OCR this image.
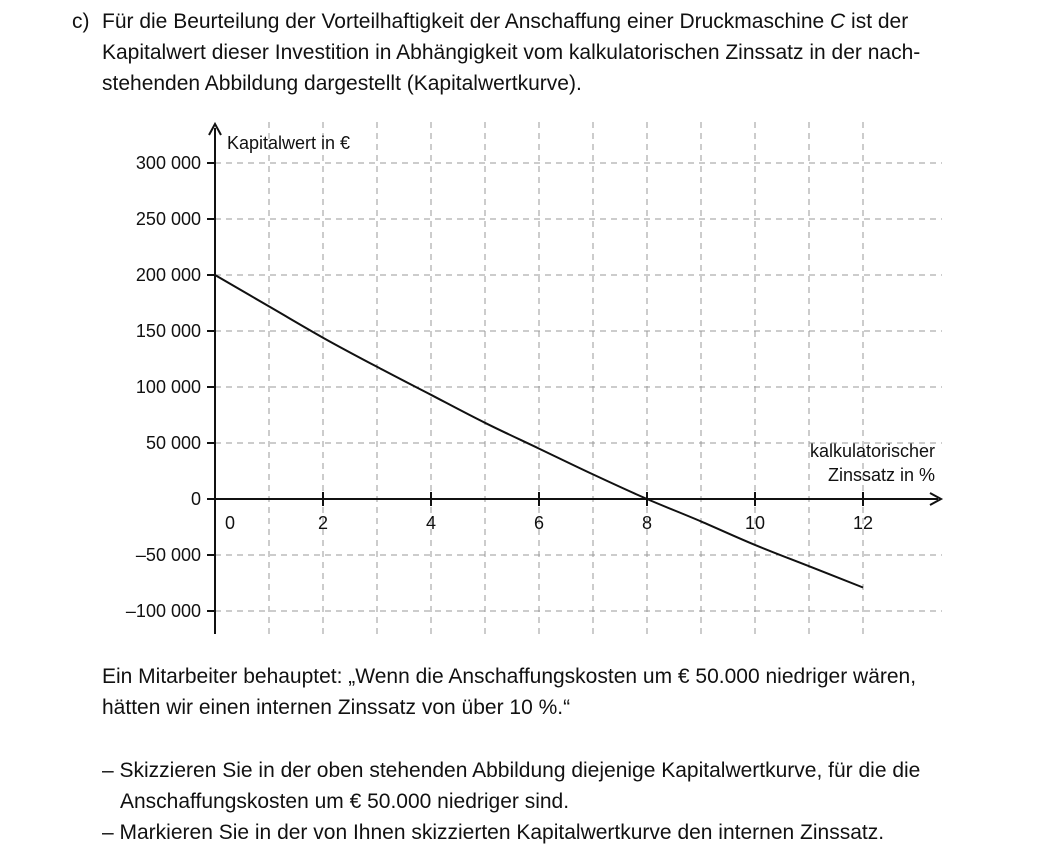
c) Für die Beurteilung der Vorteilhaftigkeit der Anschaffung einer Druckmaschine C ist der
Kapitalwert dieser Investition in Abhängigkeit vom kalkulatorischen Zinssatz in der nach-
stehenden Abbildung dargestellt (Kapitalwertkurve).
300 000
250 000
200 000
150 000
100 000
50 000
0
–50 000
–100 000
0	2	4	6	8	10	12
Kapitalwert in €
kalkulatorischer
Zinssatz in %
Ein Mitarbeiter behauptet: „Wenn die Anschaffungskosten um € 50.000 niedriger wären,
hätten wir einen internen Zinssatz von über 10 %.“
– Skizzieren Sie in der oben stehenden Abbildung diejenige Kapitalwertkurve, für die die
Anschaffungskosten um € 50.000 niedriger sind.
– Markieren Sie in der von Ihnen skizzierten Kapitalwertkurve den internen Zinssatz.
